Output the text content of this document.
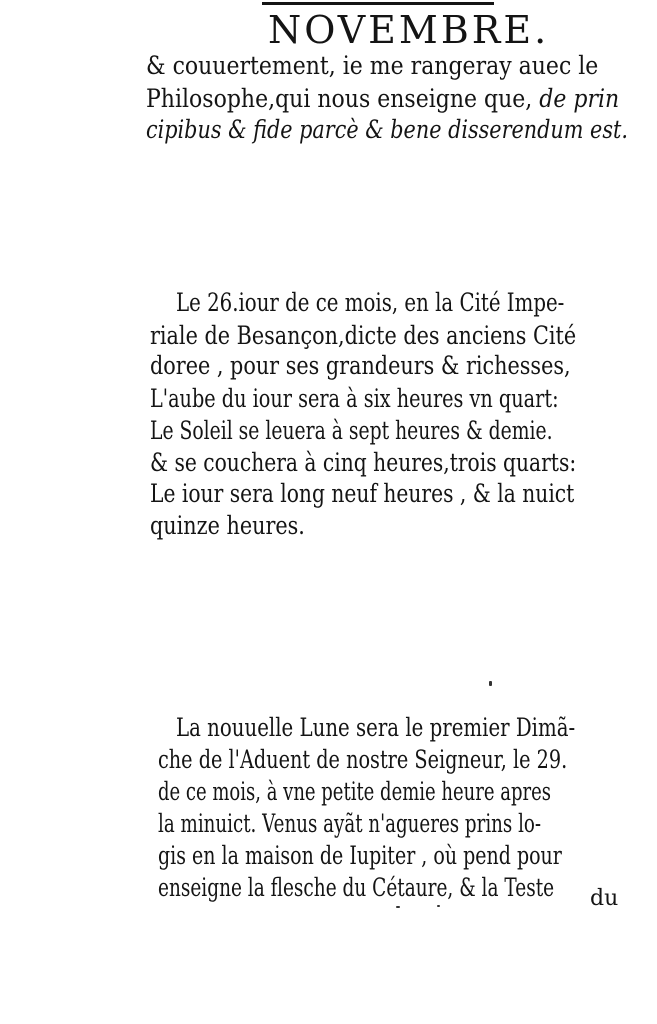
NOVEMBRE.
& couuertement, ie me rangeray auec le
Philosophe,qui nous enseigne que, de prin
cipibus & fide parcè & bene disserendum est.
Le 26.iour de ce mois, en la Cité Impe-
riale de Besançon,dicte des anciens Cité
doree , pour ses grandeurs & richesses,
L'aube du iour sera à six heures vn quart:
Le Soleil se leuera à sept heures & demie.
& se couchera à cinq heures,trois quarts:
Le iour sera long neuf heures , & la nuict
quinze heures.
La nouuelle Lune sera le premier Dimã-
che de l'Aduent de nostre Seigneur, le 29.
de ce mois, à vne petite demie heure apres
la minuict. Venus ayãt n'agueres prins lo-
gis en la maison de Iupiter , où pend pour
enseigne la flesche du Cétaure, & la Teste du
